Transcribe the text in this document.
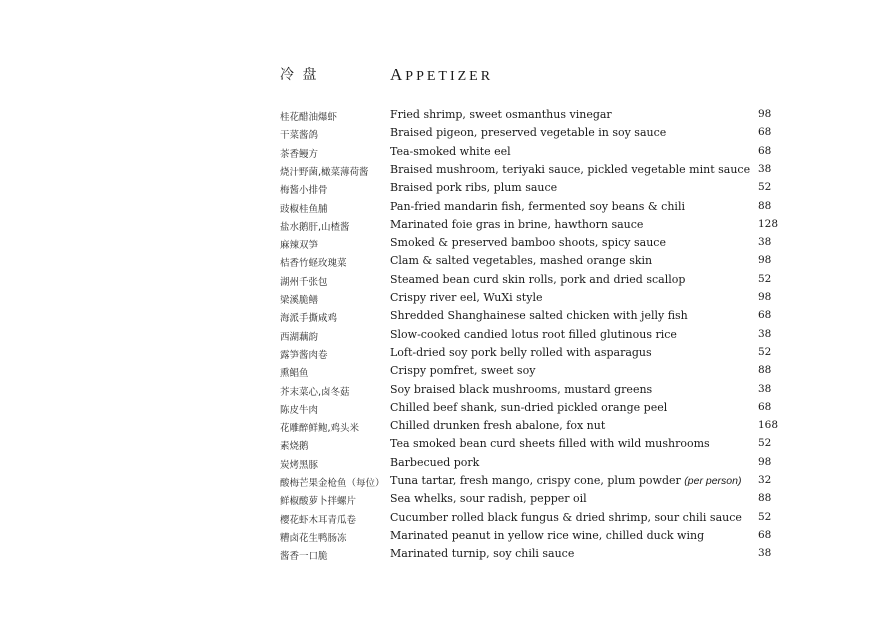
冷 盘	APPETIZER
桂花醋油爆虾	Fried shrimp, sweet osmanthus vinegar	98
干菜酱鸽	Braised pigeon, preserved vegetable in soy sauce	68
茶香鳗方	Tea-smoked white eel	68
烧汁野菌,橄菜薄荷酱 Braised mushroom, teriyaki sauce, pickled vegetable mint sauce 38
梅酱小排骨	Braised pork ribs, plum sauce	52
豉椒桂鱼脯	Pan-fried mandarin fish, fermented soy beans & chili	88
盐水鹅肝,山楂酱	Marinated foie gras in brine, hawthorn sauce	128
麻辣双笋	Smoked & preserved bamboo shoots, spicy sauce	38
桔香竹蛏玫瑰菜	Clam & salted vegetables, mashed orange skin	98
湖州千张包	Steamed bean curd skin rolls, pork and dried scallop	52
梁溪脆鳝	Crispy river eel, WuXi style	98
海派手撕咸鸡	Shredded Shanghainese salted chicken with jelly fish	68
西湖藕韵	Slow-cooked candied lotus root filled glutinous rice	38
露笋酱肉卷	Loft-dried soy pork belly rolled with asparagus	52
熏鲳鱼	Crispy pomfret, sweet soy	88
芥末菜心,卤冬菇	Soy braised black mushrooms, mustard greens	38
陈皮牛肉	Chilled beef shank, sun-dried pickled orange peel	68
花雕醉鲜鲍,鸡头米	Chilled drunken fresh abalone, fox nut	168
素烧鹅	Tea smoked bean curd sheets filled with wild mushrooms	52
炭烤黑豚	Barbecued pork	98
酸梅芒果金枪鱼（每位） Tuna tartar, fresh mango, crispy cone, plum powder (per person) 32
鲜椒酸萝卜拌螺片	Sea whelks, sour radish, pepper oil	88
樱花虾木耳青瓜卷	Cucumber rolled black fungus & dried shrimp, sour chili sauce 52
糟卤花生鸭肠冻	Marinated peanut in yellow rice wine, chilled duck wing	68
酱香一口脆	Marinated turnip, soy chili sauce	38
